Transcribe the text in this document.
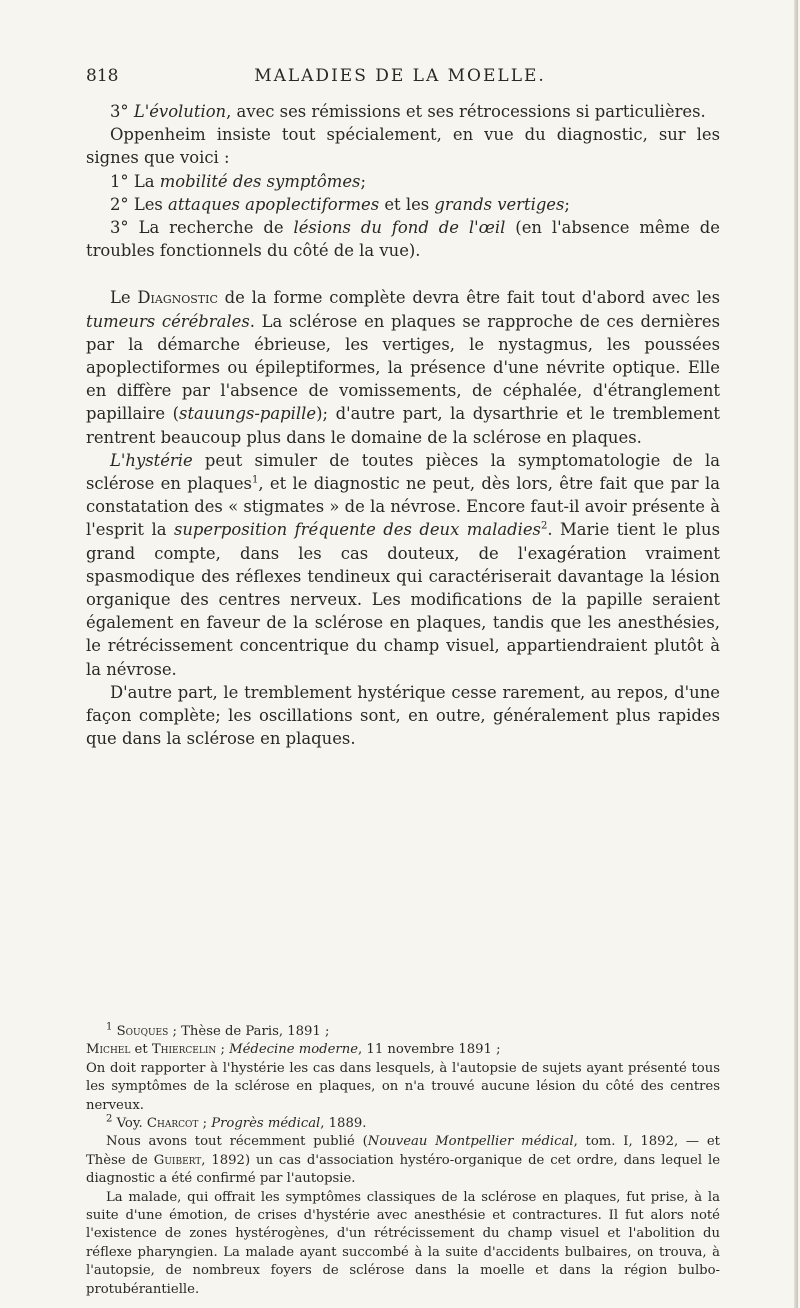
818	MALADIES DE LA MOELLE.

3° L'évolution, avec ses rémissions et ses rétrocessions si particulières.

Oppenheim insiste tout spécialement, en vue du diagnostic, sur les signes que voici :

1° La mobilité des symptômes;

2° Les attaques apoplectiformes et les grands vertiges;

3° La recherche de lésions du fond de l'œil (en l'absence même de troubles fonctionnels du côté de la vue).

Le Diagnostic de la forme complète devra être fait tout d'abord avec les tumeurs cérébrales. La sclérose en plaques se rapproche de ces dernières par la démarche ébrieuse, les vertiges, le nystagmus, les poussées apoplectiformes ou épileptiformes, la présence d'une névrite optique. Elle en diffère par l'absence de vomissements, de céphalée, d'étranglement papillaire (stauungs-papille); d'autre part, la dysarthrie et le tremblement rentrent beaucoup plus dans le domaine de la sclérose en plaques.

L'hystérie peut simuler de toutes pièces la symptomatologie de la sclérose en plaques$^1$, et le diagnostic ne peut, dès lors, être fait que par la constatation des « stigmates » de la névrose. Encore faut-il avoir présente à l'esprit la superposition fréquente des deux maladies$^2$. Marie tient le plus grand compte, dans les cas douteux, de l'exagération vraiment spasmodique des réflexes tendineux qui caractériserait davantage la lésion organique des centres nerveux. Les modifications de la papille seraient également en faveur de la sclérose en plaques, tandis que les anesthésies, le rétrécissement concentrique du champ visuel, appartiendraient plutôt à la névrose.

D'autre part, le tremblement hystérique cesse rarement, au repos, d'une façon complète; les oscillations sont, en outre, généralement plus rapides que dans la sclérose en plaques.

$^1$ Souques ; Thèse de Paris, 1891 ;

Michel et Thiercelin ; Médecine moderne, 11 novembre 1891 ;

On doit rapporter à l'hystérie les cas dans lesquels, à l'autopsie de sujets ayant présenté tous les symptômes de la sclérose en plaques, on n'a trouvé aucune lésion du côté des centres nerveux.

$^2$ Voy. Charcot ; Progrès médical, 1889.

Nous avons tout récemment publié (Nouveau Montpellier médical, tom. I, 1892, — et Thèse de Guibert, 1892) un cas d'association hystéro-organique de cet ordre, dans lequel le diagnostic a été confirmé par l'autopsie.

La malade, qui offrait les symptômes classiques de la sclérose en plaques, fut prise, à la suite d'une émotion, de crises d'hystérie avec anesthésie et contractures. Il fut alors noté l'existence de zones hystérogènes, d'un rétrécissement du champ visuel et l'abolition du réflexe pharyngien. La malade ayant succombé à la suite d'accidents bulbaires, on trouva, à l'autopsie, de nombreux foyers de sclérose dans la moelle et dans la région bulbo-protubérantielle.
